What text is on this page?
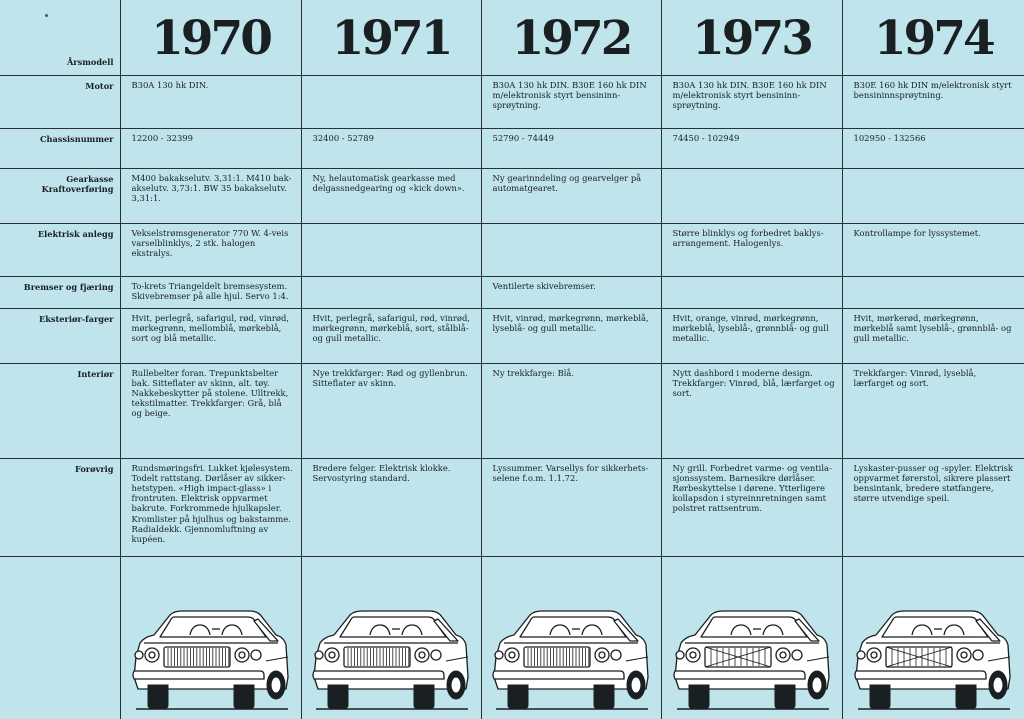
Årsmodell	1970	1971	1972	1973	1974
Motor	B30A 130 hk DIN.		B30A 130 hk DIN. B30E 160 hk DIN m/elektronisk styrt bensininn-sprøytning.	B30A 130 hk DIN. B30E 160 hk DIN m/elektronisk styrt bensininn-sprøytning.	B30E 160 hk DIN m/elektronisk styrt bensininnsprøytning.
Chassisnummer	12200 - 32399	32400 - 52789	52790 - 74449	74450 - 102949	102950 - 132566
Gearkasse Kraftoverføring	M400 bakakselutv. 3,31:1. M410 bak-akselutv. 3,73:1. BW 35 bakakselutv. 3,31:1.	Ny, helautomatisk gearkasse med delgassnedgearing og «kick down».	Ny gearinndeling og gearvelger på automatgearet.		
Elektrisk anlegg	Vekselstrømsgenerator 770 W. 4-veis varselblinklys, 2 stk. halogen ekstralys.			Større blinklys og forbedret baklys-arrangement. Halogenlys.	Kontrollampe for lyssystemet.
Bremser og fjæring	To-krets Triangeldelt bremsesystem. Skivebremser på alle hjul. Servo 1:4.		Ventilerte skivebremser.		
Eksteriør-farger	Hvit, perlegrå, safarigul, rød, vinrød, mørkegrønn, mellomblå, mørkeblå, sort og blå metallic.	Hvit, perlegrå, safarigul, rød, vinrød, mørkegrønn, mørkeblå, sort, stålblå-og gull metallic.	Hvit, vinrød, mørkegrønn, mørkeblå, lyseblå- og gull metallic.	Hvit, orange, vinrød, mørkegrønn, mørkeblå, lyseblå-, grønnblå- og gull metallic.	Hvit, mørkerød, mørkegrønn, mørkeblå samt lyseblå-, grønnblå- og gull metallic.
Interiør	Rullebelter foran. Trepunktsbelter bak. Sitteflater av skinn, alt. tøy. Nakkebeskytter på stolene. Ulltrekk, tekstilmatter. Trekkfarger: Grå, blå og beige.	Nye trekkfarger: Rød og gyllenbrun. Sitteflater av skinn.	Ny trekkfarge: Blå.	Nytt dashbord i moderne design. Trekkfarger: Vinrød, blå, lærfarget og sort.	Trekkfarger: Vinrød, lyseblå, lærfarget og sort.
Forøvrig	Rundsmøringsfri. Lukket kjølesystem. Todelt rattstang. Dørlåser av sikker-hetstypen. «High impact-glass» i frontruten. Elektrisk oppvarmet bakrute. Forkrommede hjulkapsler. Kromlister på hjulhus og bakstamme. Radialdekk. Gjennomluftning av kupéen.	Bredere felger. Elektrisk klokke. Servostyring standard.	Lyssummer. Varsellys for sikkerhets-selene f.o.m. 1.1.72.	Ny grill. Forbedret varme- og ventila-sjonssystem. Barnesikre dørlåser. Rørbeskyttelse i dørene. Ytterligere kollapsdon i styreinnretningen samt polstret rattsentrum.	Lyskaster-pusser og -spyler. Elektrisk oppvarmet førerstol, sikrere plassert bensintank, bredere støtfangere, større utvendige speil.
